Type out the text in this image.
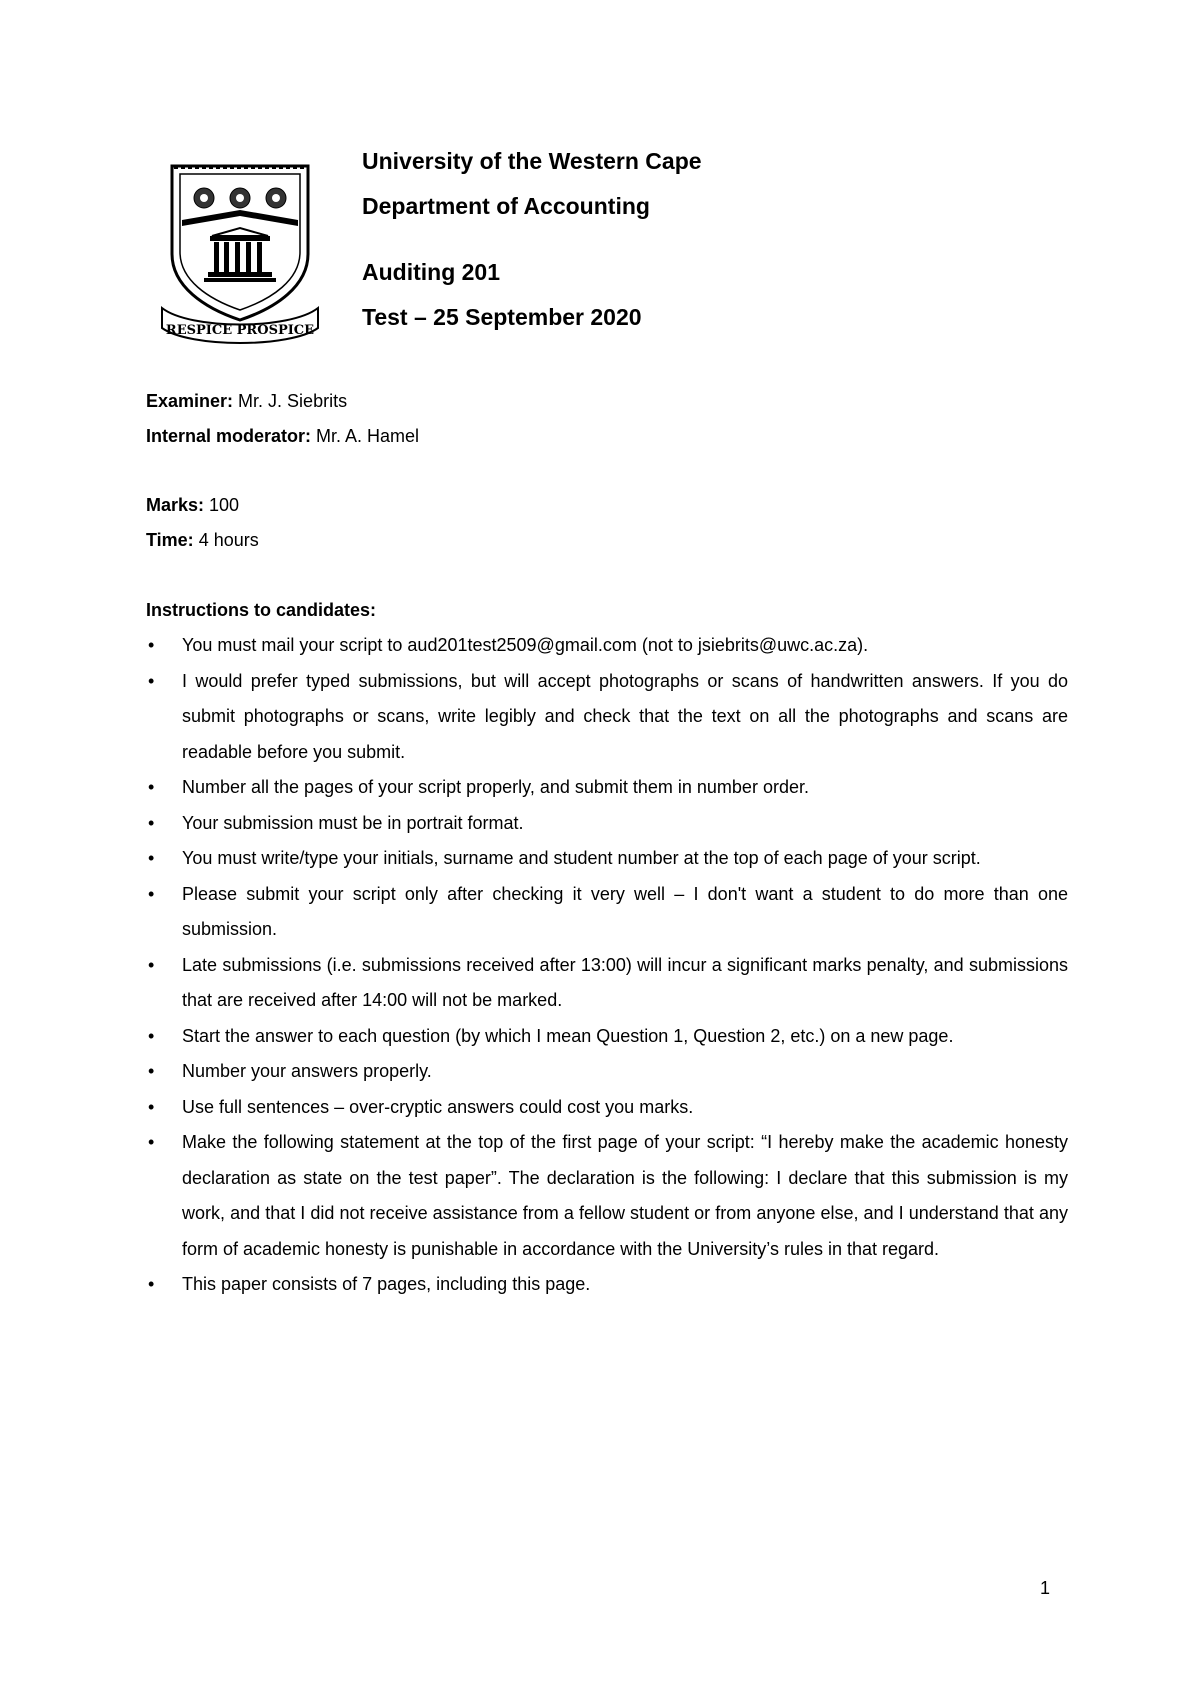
RESPICE PROSPICE
University of the Western Cape
Department of Accounting
Auditing 201
Test – 25 September 2020
Examiner: Mr. J. Siebrits
Internal moderator: Mr. A. Hamel
Marks: 100
Time: 4 hours
Instructions to candidates:
• You must mail your script to aud201test2509@gmail.com (not to jsiebrits@uwc.ac.za).
• I would prefer typed submissions, but will accept photographs or scans of handwritten answers. If you do submit photographs or scans, write legibly and check that the text on all the photographs and scans are readable before you submit.
• Number all the pages of your script properly, and submit them in number order.
• Your submission must be in portrait format.
• You must write/type your initials, surname and student number at the top of each page of your script.
• Please submit your script only after checking it very well – I don't want a student to do more than one submission.
• Late submissions (i.e. submissions received after 13:00) will incur a significant marks penalty, and submissions that are received after 14:00 will not be marked.
• Start the answer to each question (by which I mean Question 1, Question 2, etc.) on a new page.
• Number your answers properly.
• Use full sentences – over-cryptic answers could cost you marks.
• Make the following statement at the top of the first page of your script: “I hereby make the academic honesty declaration as state on the test paper”. The declaration is the following: I declare that this submission is my work, and that I did not receive assistance from a fellow student or from anyone else, and I understand that any form of academic honesty is punishable in accordance with the University’s rules in that regard.
• This paper consists of 7 pages, including this page.
1
